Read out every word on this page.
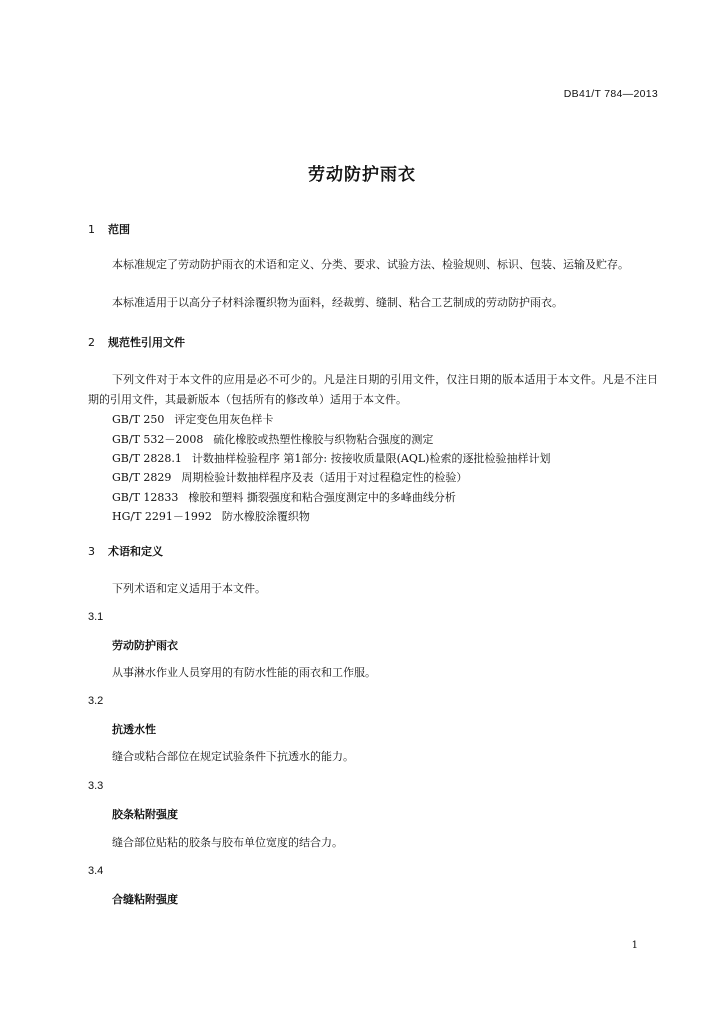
DB41/T 784—2013
劳动防护雨衣
1 范围
本标准规定了劳动防护雨衣的术语和定义、分类、要求、试验方法、检验规则、标识、包装、运输及贮存。
本标准适用于以高分子材料涂覆织物为面料，经裁剪、缝制、粘合工艺制成的劳动防护雨衣。
2 规范性引用文件
下列文件对于本文件的应用是必不可少的。凡是注日期的引用文件，仅注日期的版本适用于本文件。凡是不注日期的引用文件，其最新版本（包括所有的修改单）适用于本文件。
GB/T 250 评定变色用灰色样卡
GB/T 532－2008 硫化橡胶或热塑性橡胶与织物粘合强度的测定
GB/T 2828.1 计数抽样检验程序 第1部分: 按接收质量限(AQL)检索的逐批检验抽样计划
GB/T 2829 周期检验计数抽样程序及表（适用于对过程稳定性的检验）
GB/T 12833 橡胶和塑料 撕裂强度和粘合强度测定中的多峰曲线分析
HG/T 2291－1992 防水橡胶涂覆织物
3 术语和定义
下列术语和定义适用于本文件。
3.1
劳动防护雨衣
从事淋水作业人员穿用的有防水性能的雨衣和工作服。
3.2
抗透水性
缝合或粘合部位在规定试验条件下抗透水的能力。
3.3
胶条粘附强度
缝合部位贴粘的胶条与胶布单位宽度的结合力。
3.4
合缝粘附强度
1
